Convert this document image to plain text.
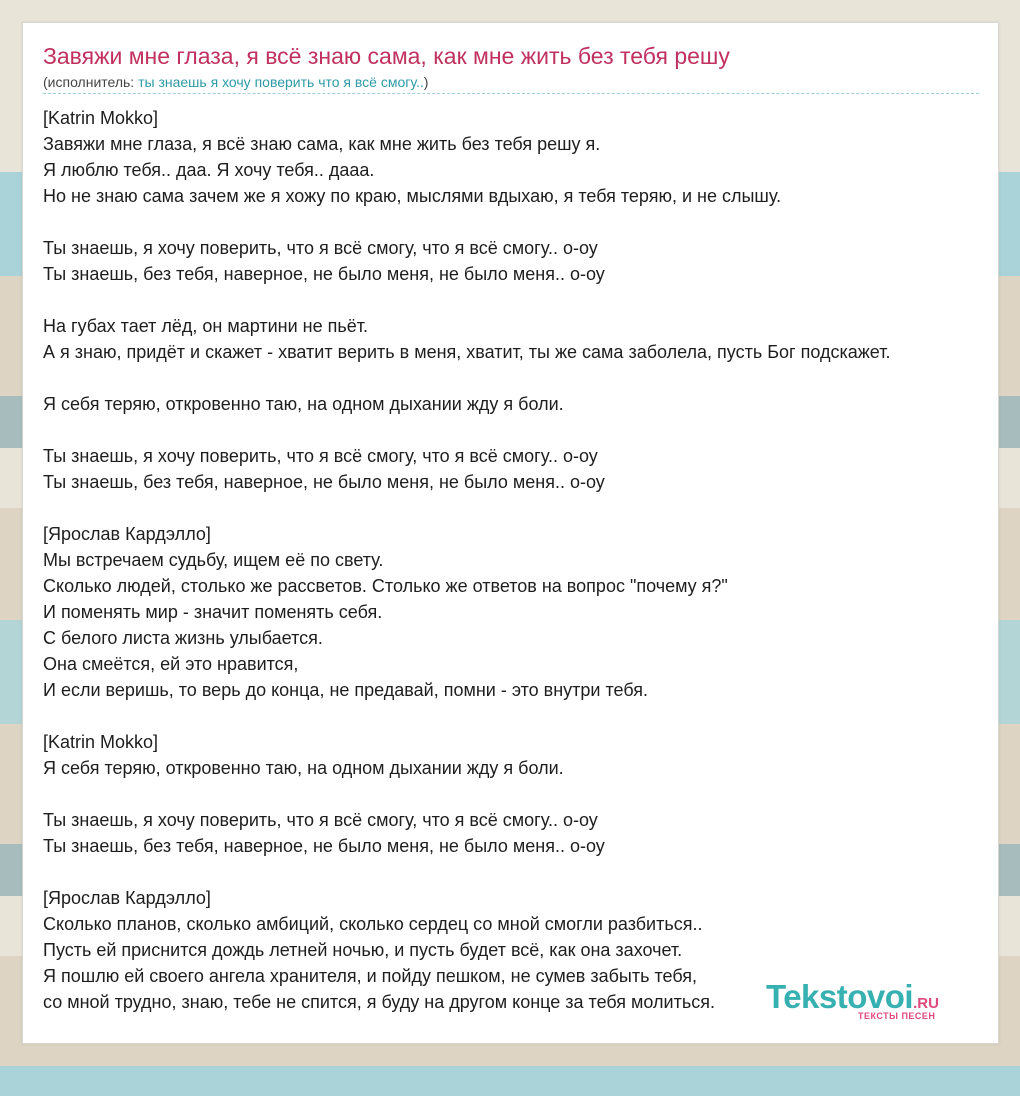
Завяжи мне глаза, я всё знаю сама, как мне жить без тебя решу
(исполнитель: ты знаешь я хочу поверить что я всё смогу..)
[Katrin Mokko]
Завяжи мне глаза, я всё знаю сама, как мне жить без тебя решу я.
Я люблю тебя.. даа. Я хочу тебя.. дааа.
Но не знаю сама зачем же я хожу по краю, мыслями вдыхаю, я тебя теряю, и не слышу.
Ты знаешь, я хочу поверить, что я всё смогу, что я всё смогу.. о-оу
Ты знаешь, без тебя, наверное, не было меня, не было меня.. о-оу
На губах тает лёд, он мартини не пьёт.
А я знаю, придёт и скажет - хватит верить в меня, хватит, ты же сама заболела, пусть Бог подскажет.
Я себя теряю, откровенно таю, на одном дыхании жду я боли.
Ты знаешь, я хочу поверить, что я всё смогу, что я всё смогу.. о-оу
Ты знаешь, без тебя, наверное, не было меня, не было меня.. о-оу
[Ярослав Кардэлло]
Мы встречаем судьбу, ищем её по свету.
Сколько людей, столько же рассветов. Столько же ответов на вопрос "почему я?"
И поменять мир - значит поменять себя.
С белого листа жизнь улыбается.
Она смеётся, ей это нравится,
И если веришь, то верь до конца, не предавай, помни - это внутри тебя.
[Katrin Mokko]
Я себя теряю, откровенно таю, на одном дыхании жду я боли.
Ты знаешь, я хочу поверить, что я всё смогу, что я всё смогу.. о-оу
Ты знаешь, без тебя, наверное, не было меня, не было меня.. о-оу
[Ярослав Кардэлло]
Сколько планов, сколько амбиций, сколько сердец со мной смогли разбиться..
Пусть ей приснится дождь летней ночью, и пусть будет всё, как она захочет.
Я пошлю ей своего ангела хранителя, и пойду пешком, не сумев забыть тебя,
со мной трудно, знаю, тебе не спится, я буду на другом конце за тебя молиться.	Tekstovoi.RU
ТЕКСТЫ ПЕСЕН
